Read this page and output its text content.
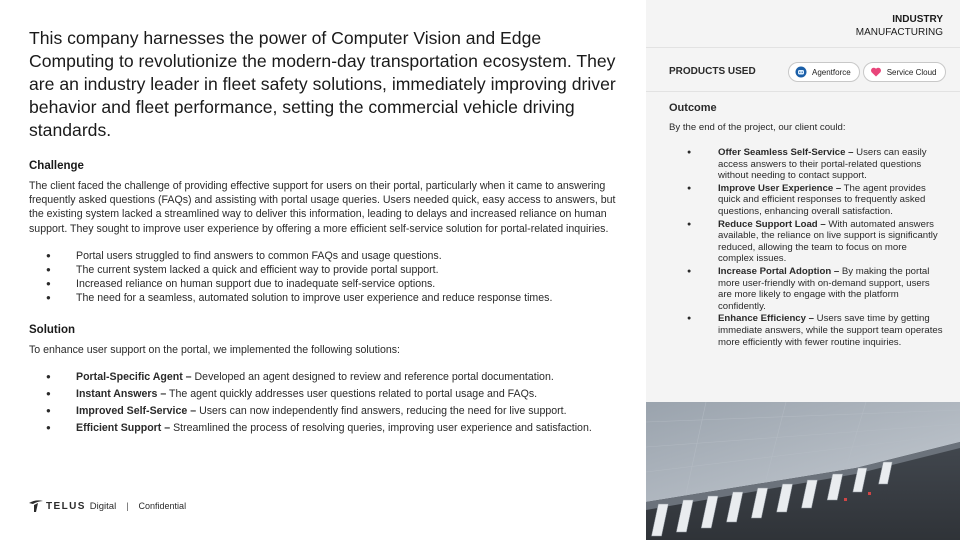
This company harnesses the power of Computer Vision and Edge Computing to revolutionize the modern-day transportation ecosystem. They are an industry leader in fleet safety solutions, immediately improving driver behavior and fleet performance, setting the commercial vehicle driving standards.

Challenge

The client faced the challenge of providing effective support for users on their portal, particularly when it came to answering frequently asked questions (FAQs) and assisting with portal usage queries. Users needed quick, easy access to answers, but the existing system lacked a streamlined way to deliver this information, leading to delays and increased reliance on human support. They sought to improve user experience by offering a more efficient self-service solution for portal-related inquiries.

● Portal users struggled to find answers to common FAQs and usage questions.
● The current system lacked a quick and efficient way to provide portal support.
● Increased reliance on human support due to inadequate self-service options.
● The need for a seamless, automated solution to improve user experience and reduce response times.
Solution

To enhance user support on the portal, we implemented the following solutions:

● Portal-Specific Agent – Developed an agent designed to review and reference portal documentation.
● Instant Answers – The agent quickly addresses user questions related to portal usage and FAQs.
● Improved Self-Service – Users can now independently find answers, reducing the need for live support.
● Efficient Support – Streamlined the process of resolving queries, improving user experience and satisfaction.
TELUS Digital | Confidential
INDUSTRY
MANUFACTURING
PRODUCTS USED	Agentforce	Service Cloud
Outcome
By the end of the project, our client could:
● Offer Seamless Self-Service – Users can easily access answers to their portal-related questions without needing to contact support.
● Improve User Experience – The agent provides quick and efficient responses to frequently asked questions, enhancing overall satisfaction.
● Reduce Support Load – With automated answers available, the reliance on live support is significantly reduced, allowing the team to focus on more complex issues.
● Increase Portal Adoption – By making the portal more user-friendly with on-demand support, users are more likely to engage with the platform confidently.
● Enhance Efficiency – Users save time by getting immediate answers, while the support team operates more efficiently with fewer routine inquiries.
